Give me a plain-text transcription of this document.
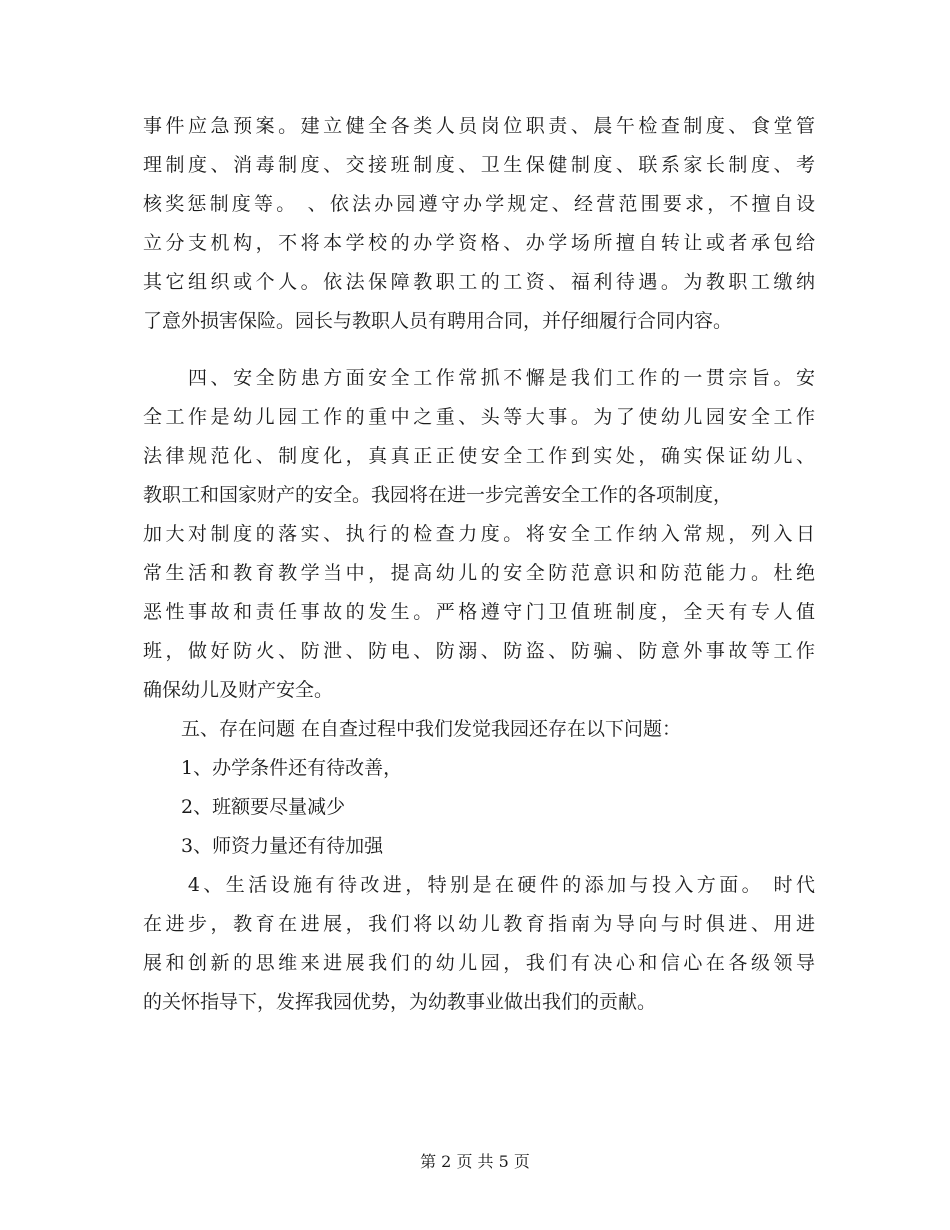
事件应急预案。建立健全各类人员岗位职责、晨午检查制度、食堂管
理制度、消毒制度、交接班制度、卫生保健制度、联系家长制度、考
核奖惩制度等。 、依法办园遵守办学规定、经营范围要求，不擅自设
立分支机构，不将本学校的办学资格、办学场所擅自转让或者承包给
其它组织或个人。依法保障教职工的工资、福利待遇。为教职工缴纳
了意外损害保险。园长与教职人员有聘用合同，并仔细履行合同内容。
　　四、安全防患方面安全工作常抓不懈是我们工作的一贯宗旨。安
全工作是幼儿园工作的重中之重、头等大事。为了使幼儿园安全工作
法律规范化、制度化，真真正正使安全工作到实处，确实保证幼儿、
教职工和国家财产的安全。我园将在进一步完善安全工作的各项制度，
加大对制度的落实、执行的检查力度。将安全工作纳入常规，列入日
常生活和教育教学当中，提高幼儿的安全防范意识和防范能力。杜绝
恶性事故和责任事故的发生。严格遵守门卫值班制度，全天有专人值
班，做好防火、防泄、防电、防溺、防盗、防骗、防意外事故等工作
确保幼儿及财产安全。
　　五、存在问题 在自查过程中我们发觉我园还存在以下问题：
　　1、办学条件还有待改善，
　　2、班额要尽量减少
　　3、师资力量还有待加强
　　4、生活设施有待改进，特别是在硬件的添加与投入方面。 时代
在进步，教育在进展，我们将以幼儿教育指南为导向与时俱进、用进
展和创新的思维来进展我们的幼儿园，我们有决心和信心在各级领导
的关怀指导下，发挥我园优势，为幼教事业做出我们的贡献。
第 2 页 共 5 页
